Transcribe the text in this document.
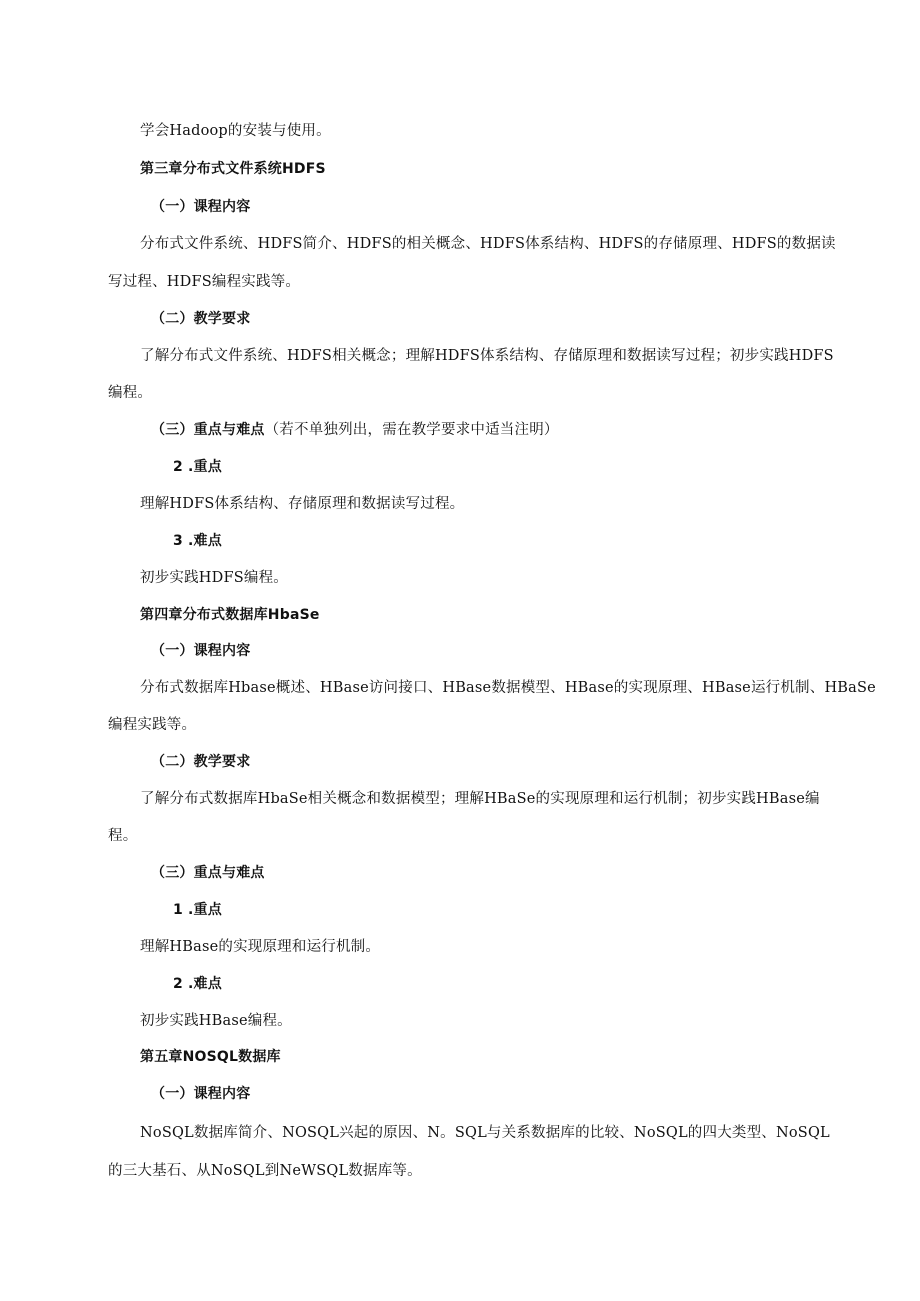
学会Hadoop的安装与使用。
第三章分布式文件系统HDFS
（一）课程内容
分布式文件系统、HDFS简介、HDFS的相关概念、HDFS体系结构、HDFS的存储原理、HDFS的数据读
写过程、HDFS编程实践等。
（二）教学要求
了解分布式文件系统、HDFS相关概念；理解HDFS体系结构、存储原理和数据读写过程；初步实践HDFS
编程。
（三）重点与难点（若不单独列出，需在教学要求中适当注明）
2 .重点
理解HDFS体系结构、存储原理和数据读写过程。
3 .难点
初步实践HDFS编程。
第四章分布式数据库HbaSe
（一）课程内容
分布式数据库Hbase概述、HBase访问接口、HBase数据模型、HBase的实现原理、HBase运行机制、HBaSe
编程实践等。
（二）教学要求
了解分布式数据库HbaSe相关概念和数据模型；理解HBaSe的实现原理和运行机制；初步实践HBase编
程。
（三）重点与难点
1 .重点
理解HBase的实现原理和运行机制。
2 .难点
初步实践HBase编程。
第五章NOSQL数据库
（一）课程内容
NoSQL数据库简介、NOSQL兴起的原因、N。SQL与关系数据库的比较、NoSQL的四大类型、NoSQL
的三大基石、从NoSQL到NeWSQL数据库等。
